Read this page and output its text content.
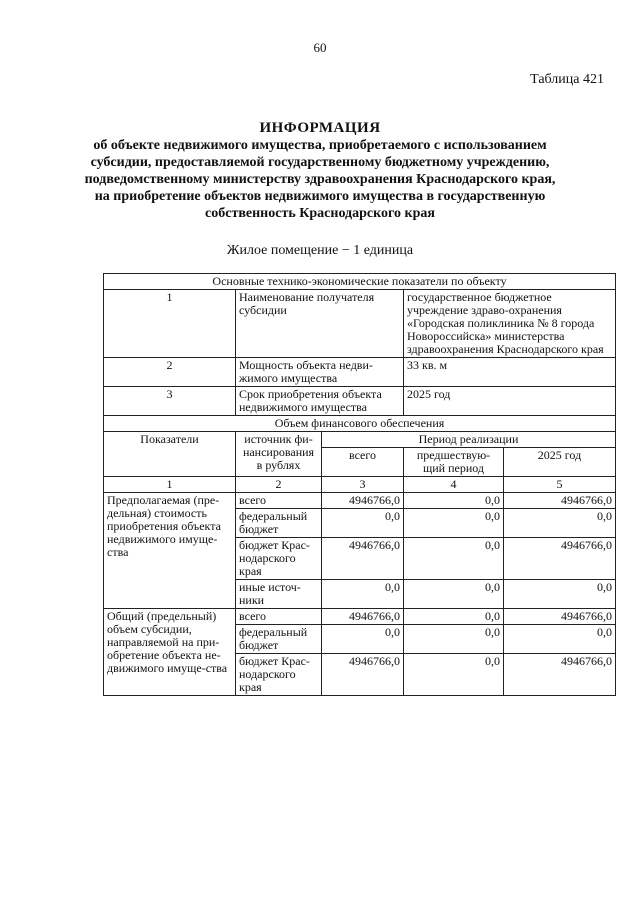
60
Таблица 421
ИНФОРМАЦИЯ
об объекте недвижимого имущества, приобретаемого с использованием
субсидии, предоставляемой государственному бюджетному учреждению,
подведомственному министерству здравоохранения Краснодарского края,
на приобретение объектов недвижимого имущества в государственную
собственность Краснодарского края
Жилое помещение − 1 единица
Основные технико-экономические показатели по объекту				
1	Наименование получателя субсидии		государственное бюджетное учреждение здраво-охранения «Городская поликлиника № 8 города Новороссийска» министерства здравоохранения Краснодарского края	
2	Мощность объекта недви-жимого имущества		33 кв. м	
3	Срок приобретения объекта недвижимого имущества		2025 год	
Объем финансового обеспечения				
Показатели	источник фи-нансирования в рублях	Период реализации		
		всего	предшествую-щий период	2025 год
1	2	3	4	5
Предполагаемая (пре-дельная) стоимость приобретения объекта недвижимого имуще-ства	всего	4946766,0	0,0	4946766,0
	федеральный бюджет	0,0	0,0	0,0
	бюджет Крас-нодарского края	4946766,0	0,0	4946766,0
	иные источ-ники	0,0	0,0	0,0
Общий (предельный) объем субсидии, направляемой на при-обретение объекта не-движимого имуще-ства	всего	4946766,0	0,0	4946766,0
	федеральный бюджет	0,0	0,0	0,0
	бюджет Крас-нодарского края	4946766,0	0,0	4946766,0
